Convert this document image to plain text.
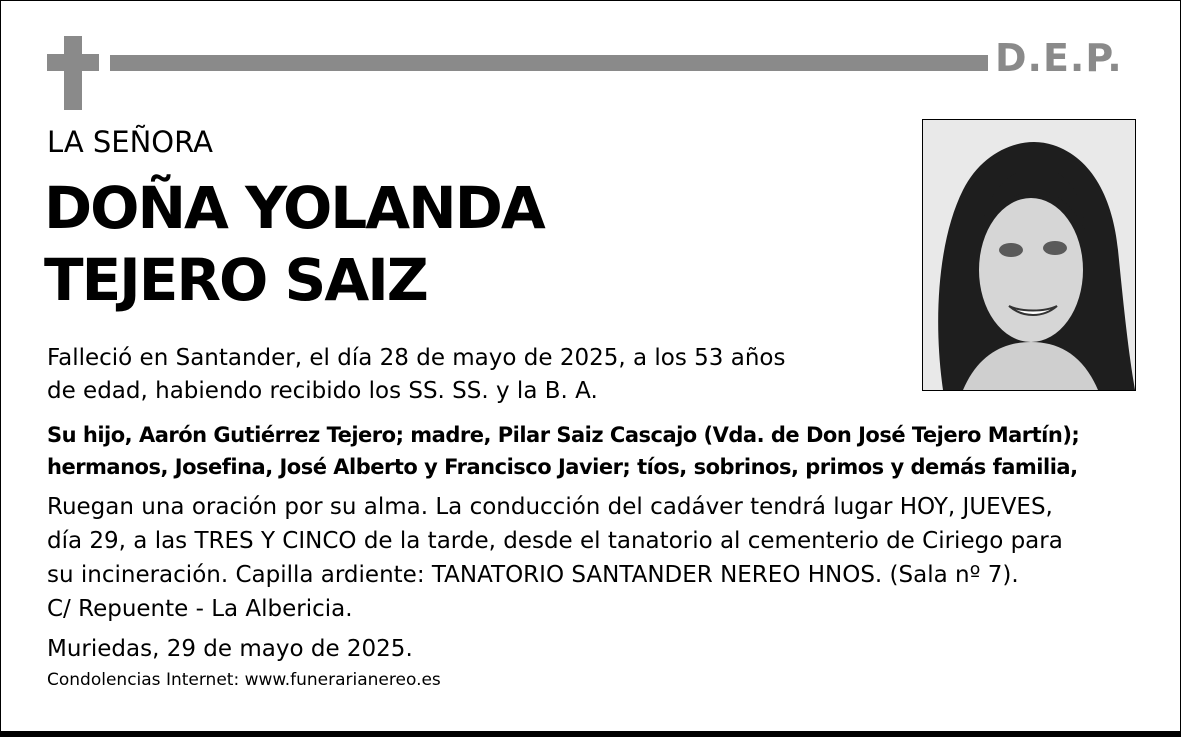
D.E.P.
LA SEÑORA
DOÑA YOLANDA
TEJERO SAIZ
Falleció en Santander, el día 28 de mayo de 2025, a los 53 años
de edad, habiendo recibido los SS. SS. y la B. A.
Su hijo, Aarón Gutiérrez Tejero; madre, Pilar Saiz Cascajo (Vda. de Don José Tejero Martín);
hermanos, Josefina, José Alberto y Francisco Javier; tíos, sobrinos, primos y demás familia,
Ruegan una oración por su alma. La conducción del cadáver tendrá lugar HOY, JUEVES,
día 29, a las TRES Y CINCO de la tarde, desde el tanatorio al cementerio de Ciriego para
su incineración. Capilla ardiente: TANATORIO SANTANDER NEREO HNOS. (Sala nº 7).
C/ Repuente - La Albericia.
Muriedas, 29 de mayo de 2025.
Condolencias Internet: www.funerarianereo.es
